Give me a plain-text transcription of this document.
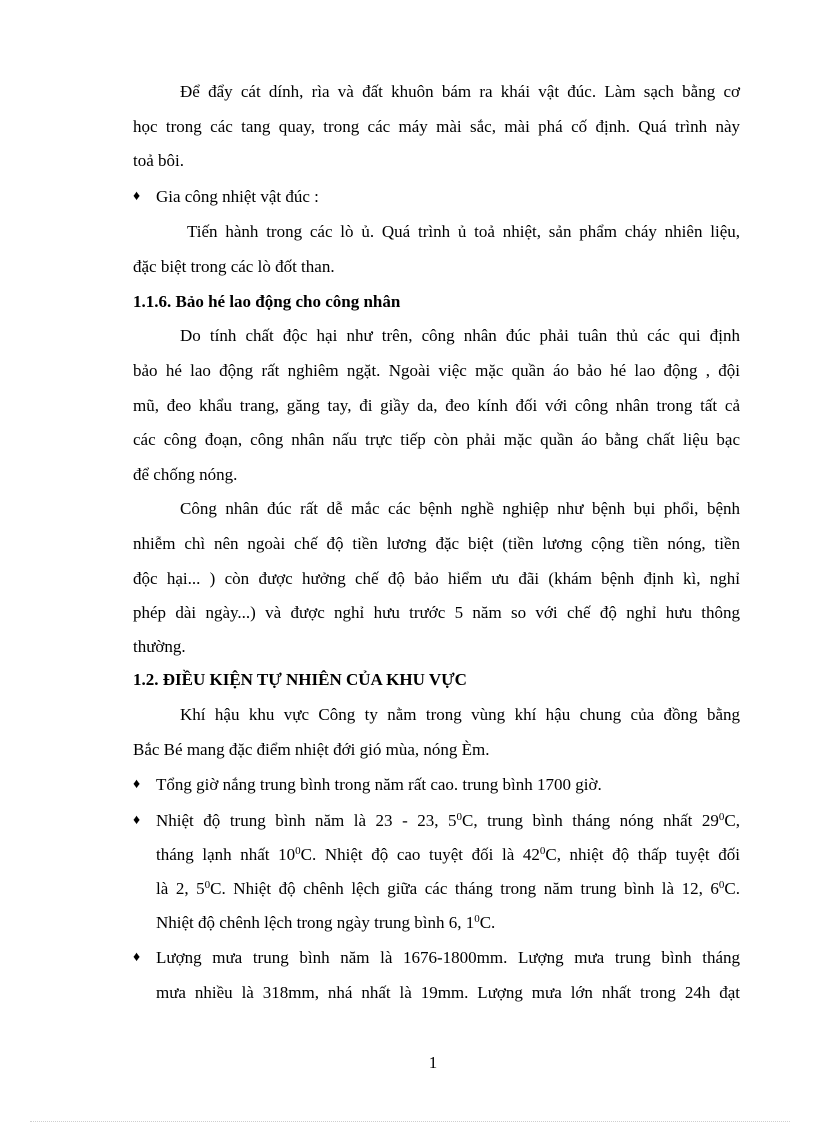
Để đẩy cát dính, rìa và đất khuôn bám ra khái vật đúc. Làm sạch bằng cơ
học trong các tang quay, trong các máy mài sắc, mài phá cố định. Quá trình này
toả bôi.
♦ Gia công nhiệt vật đúc :
Tiến hành trong các lò ủ. Quá trình ủ toả nhiệt, sản phẩm cháy nhiên liệu,
đặc biệt trong các lò đốt than.
1.1.6. Bảo hé lao động cho công nhân
Do tính chất độc hại như trên, công nhân đúc phải tuân thủ các qui định
bảo hé lao động rất nghiêm ngặt. Ngoài việc mặc quần áo bảo hé lao động , đội
mũ, đeo khẩu trang, găng tay, đi giầy da, đeo kính đối với công nhân trong tất cả
các công đoạn, công nhân nấu trực tiếp còn phải mặc quần áo bằng chất liệu bạc
để chống nóng.
Công nhân đúc rất dễ mắc các bệnh nghề nghiệp như bệnh bụi phổi, bệnh
nhiễm chì nên ngoài chế độ tiền lương đặc biệt (tiền lương cộng tiền nóng, tiền
độc hại... ) còn được hưởng chế độ bảo hiểm ưu đãi (khám bệnh định kì, nghỉ
phép dài ngày...) và được nghỉ hưu trước 5 năm so với chế độ nghỉ hưu thông
thường.
1.2. ĐIỀU KIỆN TỰ NHIÊN CỦA KHU VỰC
Khí hậu khu vực Công ty nằm trong vùng khí hậu chung của đồng bằng
Bắc Bé mang đặc điểm nhiệt đới gió mùa, nóng Èm.
♦ Tổng giờ nắng trung bình trong năm rất cao. trung bình 1700 giờ.
♦ Nhiệt độ trung bình năm là 23 - 23, $5^0C$, trung bình tháng nóng nhất $29^0C$,
tháng lạnh nhất $10^0C$. Nhiệt độ cao tuyệt đối là $42^0C$, nhiệt độ thấp tuyệt đối
là 2, $5^0C$. Nhiệt độ chênh lệch giữa các tháng trong năm trung bình là 12, $6^0C$.
Nhiệt độ chênh lệch trong ngày trung bình 6, $1^0C$.
♦ Lượng mưa trung bình năm là 1676-1800mm. Lượng mưa trung bình tháng
mưa nhiều là 318mm, nhá nhất là 19mm. Lượng mưa lớn nhất trong 24h đạt
1
